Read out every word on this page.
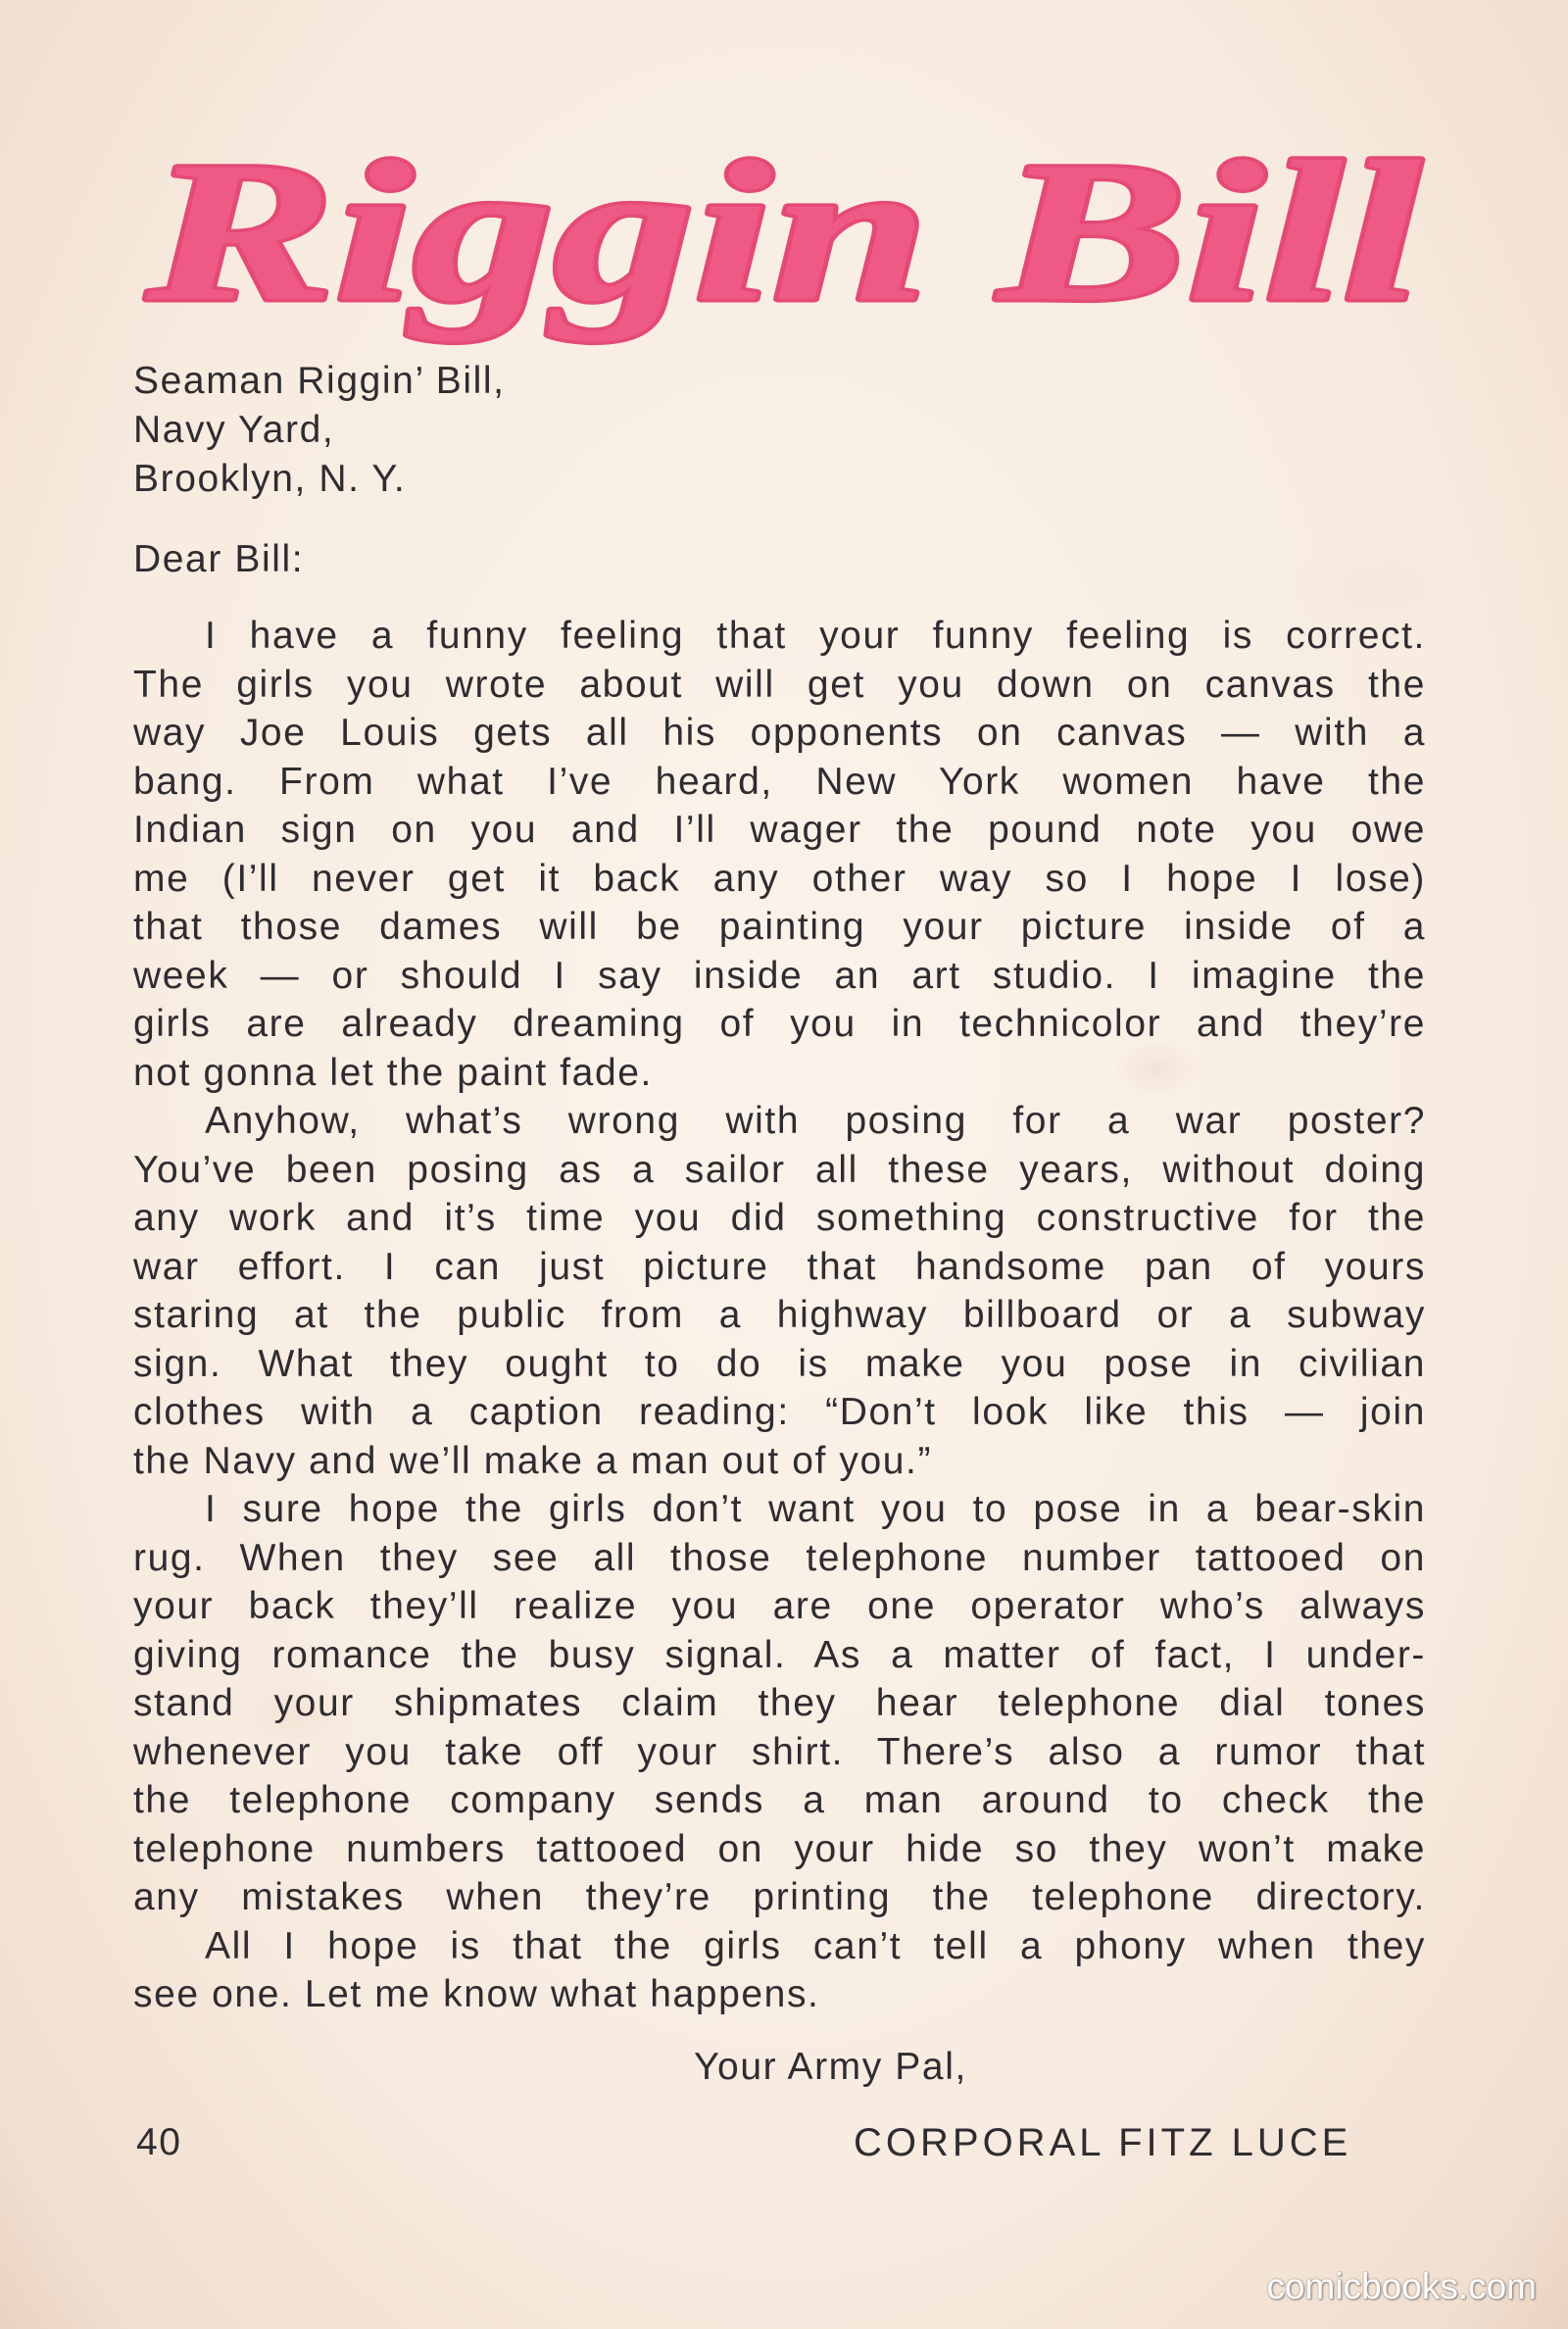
Riggin Bill
Seaman Riggin’ Bill,
Navy Yard,
Brooklyn, N. Y.
Dear Bill:
I have a funny feeling that your funny feeling is correct.
The girls you wrote about will get you down on canvas the
way Joe Louis gets all his opponents on canvas — with a
bang. From what I’ve heard, New York women have the
Indian sign on you and I’ll wager the pound note you owe
me (I’ll never get it back any other way so I hope I lose)
that those dames will be painting your picture inside of a
week — or should I say inside an art studio. I imagine the
girls are already dreaming of you in technicolor and they’re
not gonna let the paint fade.
Anyhow, what’s wrong with posing for a war poster?
You’ve been posing as a sailor all these years, without doing
any work and it’s time you did something constructive for the
war effort. I can just picture that handsome pan of yours
staring at the public from a highway billboard or a subway
sign. What they ought to do is make you pose in civilian
clothes with a caption reading: “Don’t look like this — join
the Navy and we’ll make a man out of you.”
I sure hope the girls don’t want you to pose in a bear-skin
rug. When they see all those telephone number tattooed on
your back they’ll realize you are one operator who’s always
giving romance the busy signal. As a matter of fact, I under-
stand your shipmates claim they hear telephone dial tones
whenever you take off your shirt. There’s also a rumor that
the telephone company sends a man around to check the
telephone numbers tattooed on your hide so they won’t make
any mistakes when they’re printing the telephone directory.
All I hope is that the girls can’t tell a phony when they
see one. Let me know what happens.
Your Army Pal,
40	CORPORAL FITZ LUCE
comicbooks.com
